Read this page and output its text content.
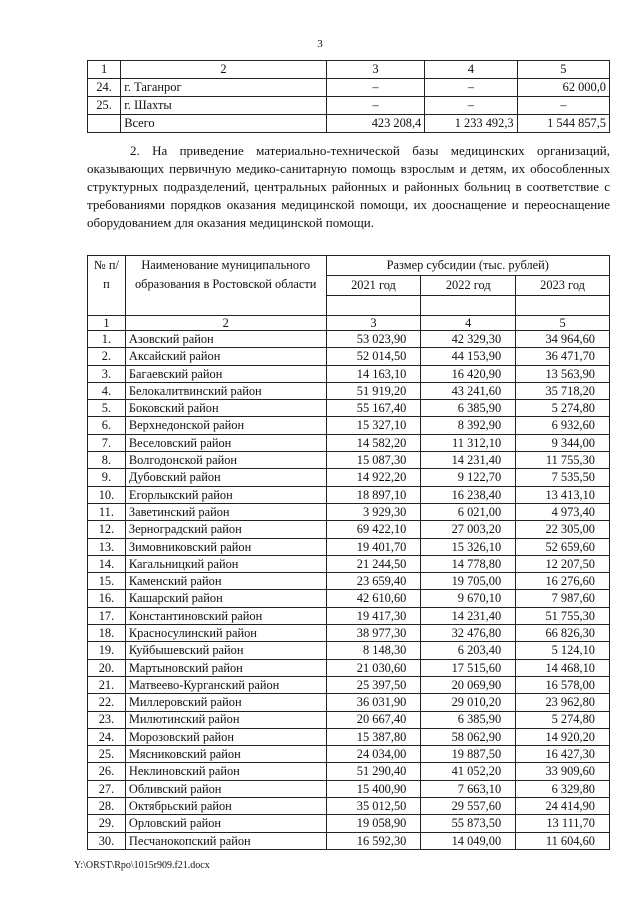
3
1	2	3	4	5
24.	г. Таганрог	–	–	62 000,0
25.	г. Шахты	–	–	–
	Всего	423 208,4	1 233 492,3	1 544 857,5
2. На приведение материально-технической базы медицинских организаций, оказывающих первичную медико-санитарную помощь взрослым и детям, их обособленных структурных подразделений, центральных районных и районных больниц в соответствие с требованиями порядков оказания медицинской помощи, их дооснащение и переоснащение оборудованием для оказания медицинской помощи.
№ п/п	Наименование муниципального образования в Ростовской области	Размер субсидии (тыс. рублей)		
		2021 год	2022 год	2023 год

1	2	3	4	5
1.	Азовский район	53 023,90	42 329,30	34 964,60
2.	Аксайский район	52 014,50	44 153,90	36 471,70
3.	Багаевский район	14 163,10	16 420,90	13 563,90
4.	Белокалитвинский район	51 919,20	43 241,60	35 718,20
5.	Боковский район	55 167,40	6 385,90	5 274,80
6.	Верхнедонской район	15 327,10	8 392,90	6 932,60
7.	Веселовский район	14 582,20	11 312,10	9 344,00
8.	Волгодонской район	15 087,30	14 231,40	11 755,30
9.	Дубовский район	14 922,20	9 122,70	7 535,50
10.	Егорлыкский район	18 897,10	16 238,40	13 413,10
11.	Заветинский район	3 929,30	6 021,00	4 973,40
12.	Зерноградский район	69 422,10	27 003,20	22 305,00
13.	Зимовниковский район	19 401,70	15 326,10	52 659,60
14.	Кагальницкий район	21 244,50	14 778,80	12 207,50
15.	Каменский район	23 659,40	19 705,00	16 276,60
16.	Кашарский район	42 610,60	9 670,10	7 987,60
17.	Константиновский район	19 417,30	14 231,40	51 755,30
18.	Красносулинский район	38 977,30	32 476,80	66 826,30
19.	Куйбышевский район	8 148,30	6 203,40	5 124,10
20.	Мартыновский район	21 030,60	17 515,60	14 468,10
21.	Матвеево-Курганский район	25 397,50	20 069,90	16 578,00
22.	Миллеровский район	36 031,90	29 010,20	23 962,80
23.	Милютинский район	20 667,40	6 385,90	5 274,80
24.	Морозовский район	15 387,80	58 062,90	14 920,20
25.	Мясниковский район	24 034,00	19 887,50	16 427,30
26.	Неклиновский район	51 290,40	41 052,20	33 909,60
27.	Обливский район	15 400,90	7 663,10	6 329,80
28.	Октябрьский район	35 012,50	29 557,60	24 414,90
29.	Орловский район	19 058,90	55 873,50	13 111,70
30.	Песчанокопский район	16 592,30	14 049,00	11 604,60
Y:\ORST\Rpo\1015r909.f21.docx
